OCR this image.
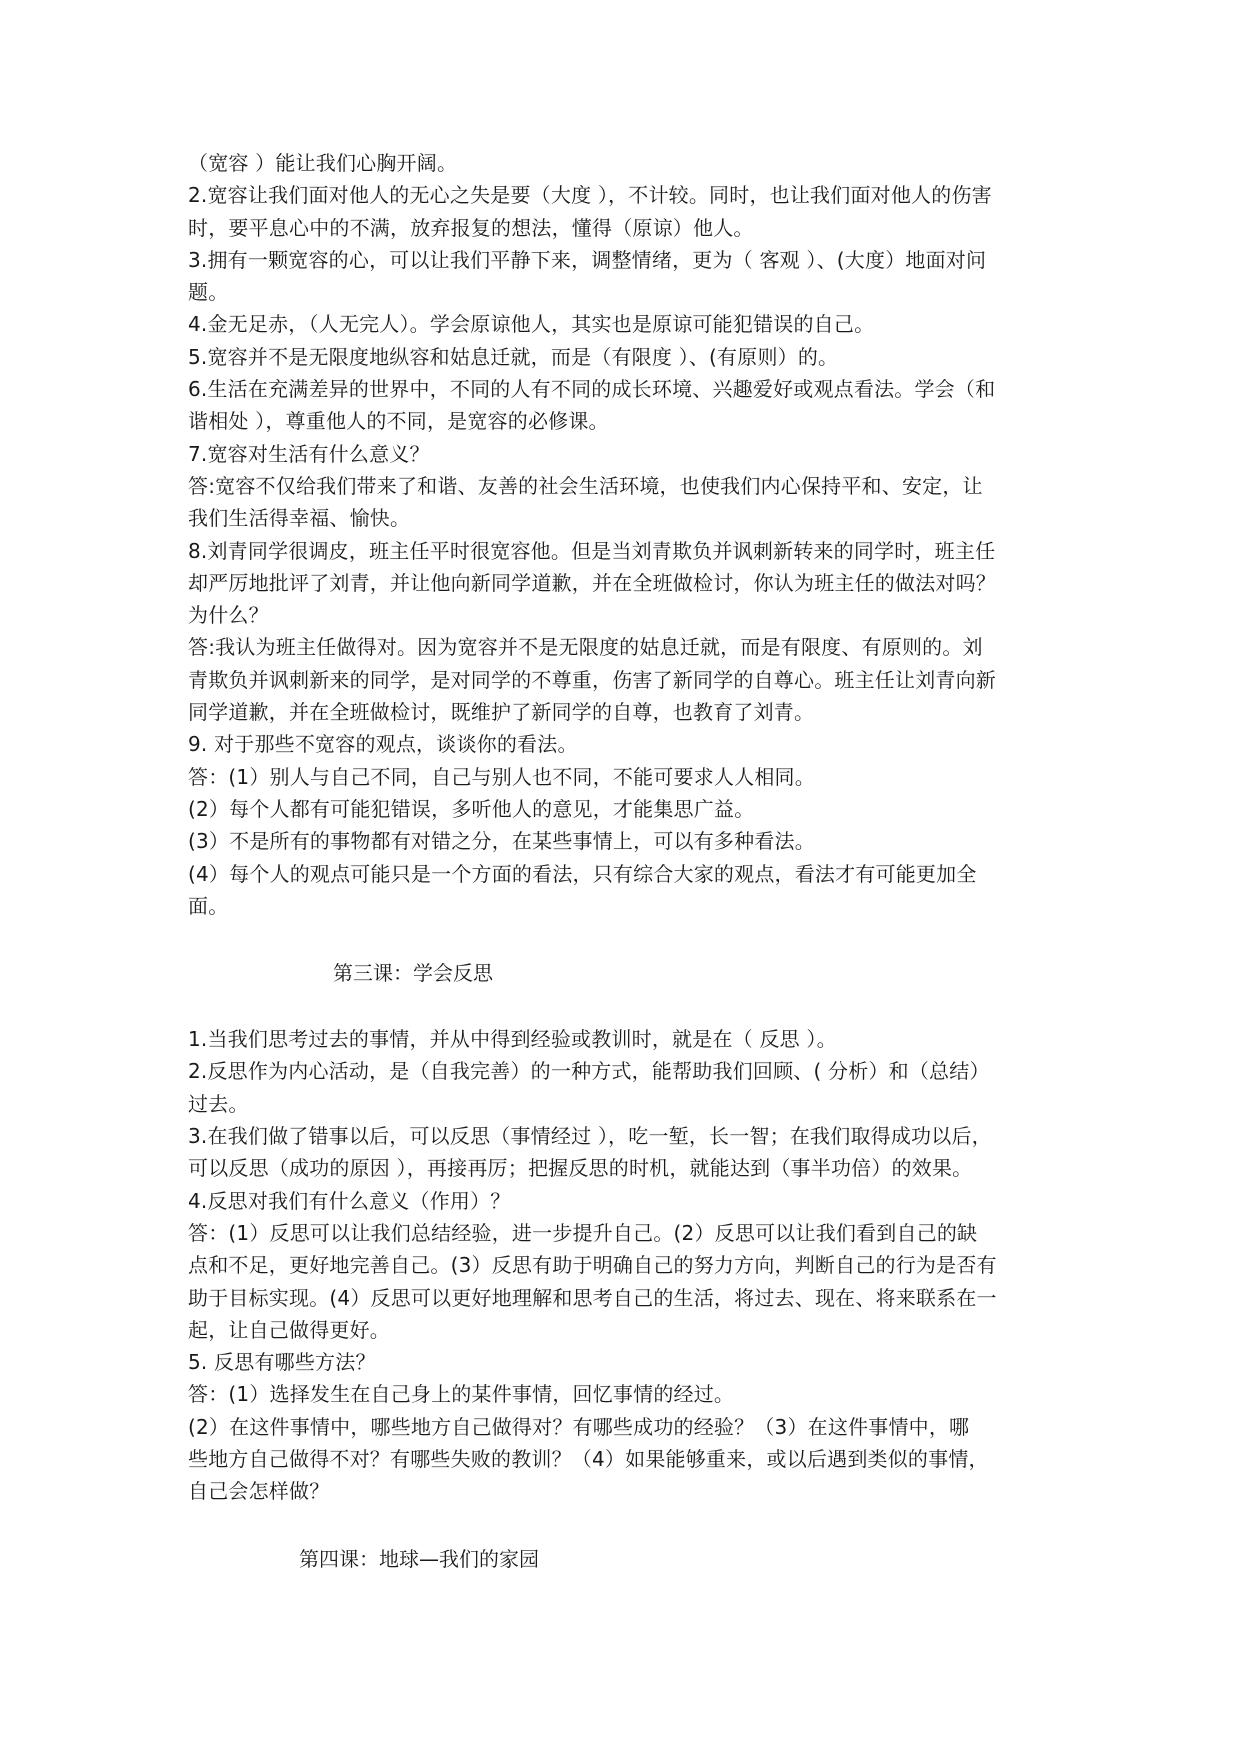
（宽容 ）能让我们心胸开阔。

2.宽容让我们面对他人的无心之失是要（大度 ），不计较。同时，也让我们面对他人的伤害

时，要平息心中的不满，放弃报复的想法，懂得（原谅）他人。

3.拥有一颗宽容的心，可以让我们平静下来，调整情绪，更为（ 客观 ）、(大度）地面对问

题。

4.金无足赤，（人无完人）。学会原谅他人，其实也是原谅可能犯错误的自己。

5.宽容并不是无限度地纵容和姑息迁就，而是（有限度 ）、(有原则）的。

6.生活在充满差异的世界中，不同的人有不同的成长环境、兴趣爱好或观点看法。学会（和

谐相处 ），尊重他人的不同，是宽容的必修课。

7.宽容对生活有什么意义？

答:宽容不仅给我们带来了和谐、友善的社会生活环境，也使我们内心保持平和、安定，让

我们生活得幸福、愉快。

8.刘青同学很调皮，班主任平时很宽容他。但是当刘青欺负并讽刺新转来的同学时，班主任

却严厉地批评了刘青，并让他向新同学道歉，并在全班做检讨，你认为班主任的做法对吗？

为什么？

答:我认为班主任做得对。因为宽容并不是无限度的姑息迁就，而是有限度、有原则的。刘

青欺负并讽刺新来的同学，是对同学的不尊重，伤害了新同学的自尊心。班主任让刘青向新

同学道歉，并在全班做检讨，既维护了新同学的自尊，也教育了刘青。

9. 对于那些不宽容的观点，谈谈你的看法。

答：(1）别人与自己不同，自己与别人也不同，不能可要求人人相同。

(2）每个人都有可能犯错误，多听他人的意见，才能集思广益。

(3）不是所有的事物都有对错之分，在某些事情上，可以有多种看法。

(4）每个人的观点可能只是一个方面的看法，只有综合大家的观点，看法才有可能更加全

面。

第三课：学会反思

1.当我们思考过去的事情，并从中得到经验或教训时，就是在（ 反思 ）。

2.反思作为内心活动，是（自我完善）的一种方式，能帮助我们回顾、( 分析）和（总结）

过去。

3.在我们做了错事以后，可以反思（事情经过 ），吃一堑，长一智；在我们取得成功以后，

可以反思（成功的原因 ），再接再厉；把握反思的时机，就能达到（事半功倍）的效果。

4.反思对我们有什么意义（作用）？

答：(1）反思可以让我们总结经验，进一步提升自己。(2）反思可以让我们看到自己的缺

点和不足，更好地完善自己。(3）反思有助于明确自己的努力方向，判断自己的行为是否有

助于目标实现。(4）反思可以更好地理解和思考自己的生活，将过去、现在、将来联系在一

起，让自己做得更好。

5. 反思有哪些方法？

答：(1）选择发生在自己身上的某件事情，回忆事情的经过。

(2）在这件事情中，哪些地方自己做得对？有哪些成功的经验？（3）在这件事情中，哪

些地方自己做得不对？有哪些失败的教训？（4）如果能够重来，或以后遇到类似的事情，

自己会怎样做？

第四课：地球—我们的家园
